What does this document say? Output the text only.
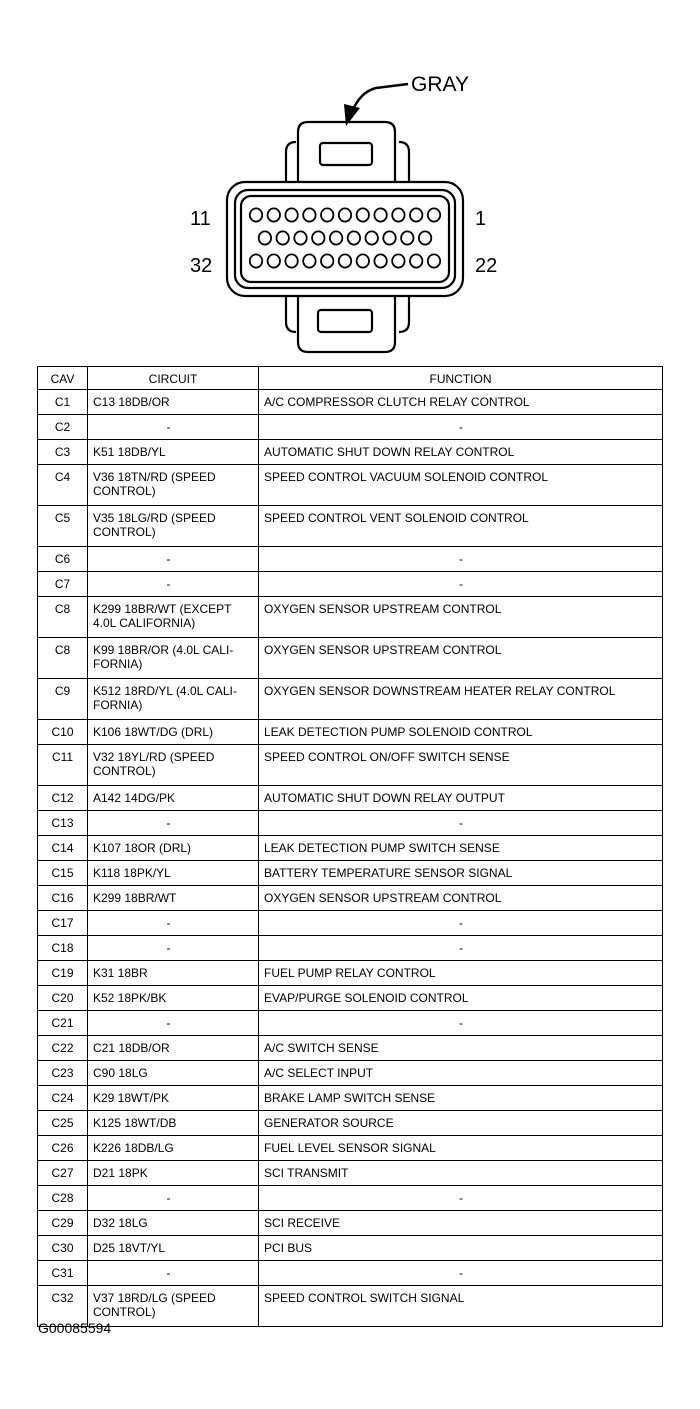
GRAY
11	1
32	22
CAV	CIRCUIT	FUNCTION
C1	C13 18DB/OR	A/C COMPRESSOR CLUTCH RELAY CONTROL
C2	-	-
C3	K51 18DB/YL	AUTOMATIC SHUT DOWN RELAY CONTROL
C4	V36 18TN/RD (SPEED CONTROL)	SPEED CONTROL VACUUM SOLENOID CONTROL
C5	V35 18LG/RD (SPEED CONTROL)	SPEED CONTROL VENT SOLENOID CONTROL
C6	-	-
C7	-	-
C8	K299 18BR/WT (EXCEPT 4.0L CALIFORNIA)	OXYGEN SENSOR UPSTREAM CONTROL
C8	K99 18BR/OR (4.0L CALI-FORNIA)	OXYGEN SENSOR UPSTREAM CONTROL
C9	K512 18RD/YL (4.0L CALI-FORNIA)	OXYGEN SENSOR DOWNSTREAM HEATER RELAY CONTROL
C10	K106 18WT/DG (DRL)	LEAK DETECTION PUMP SOLENOID CONTROL
C11	V32 18YL/RD (SPEED CONTROL)	SPEED CONTROL ON/OFF SWITCH SENSE
C12	A142 14DG/PK	AUTOMATIC SHUT DOWN RELAY OUTPUT
C13	-	-
C14	K107 18OR (DRL)	LEAK DETECTION PUMP SWITCH SENSE
C15	K118 18PK/YL	BATTERY TEMPERATURE SENSOR SIGNAL
C16	K299 18BR/WT	OXYGEN SENSOR UPSTREAM CONTROL
C17	-	-
C18	-	-
C19	K31 18BR	FUEL PUMP RELAY CONTROL
C20	K52 18PK/BK	EVAP/PURGE SOLENOID CONTROL
C21	-	-
C22	C21 18DB/OR	A/C SWITCH SENSE
C23	C90 18LG	A/C SELECT INPUT
C24	K29 18WT/PK	BRAKE LAMP SWITCH SENSE
C25	K125 18WT/DB	GENERATOR SOURCE
C26	K226 18DB/LG	FUEL LEVEL SENSOR SIGNAL
C27	D21 18PK	SCI TRANSMIT
C28	-	-
C29	D32 18LG	SCI RECEIVE
C30	D25 18VT/YL	PCI BUS
C31	-	-
C32	V37 18RD/LG (SPEED CONTROL)	SPEED CONTROL SWITCH SIGNAL
G00085594
